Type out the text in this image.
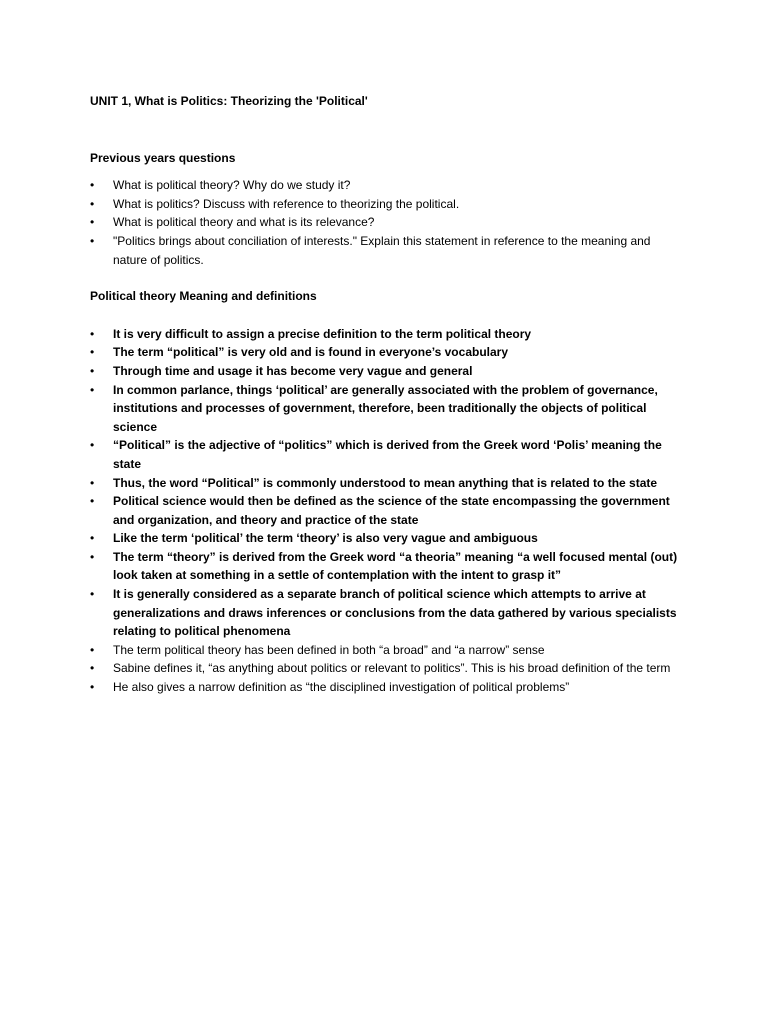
UNIT 1, What is Politics: Theorizing the 'Political'

Previous years questions

• What is political theory? Why do we study it?
• What is politics? Discuss with reference to theorizing the political.
• What is political theory and what is its relevance?
• "Politics brings about conciliation of interests." Explain this statement in reference to the meaning and nature of politics.

Political theory Meaning and definitions

• It is very difficult to assign a precise definition to the term political theory
• The term “political” is very old and is found in everyone’s vocabulary
• Through time and usage it has become very vague and general
• In common parlance, things ‘political’ are generally associated with the problem of governance, institutions and processes of government, therefore, been traditionally the objects of political science
• “Political” is the adjective of “politics” which is derived from the Greek word ‘Polis’ meaning the state
• Thus, the word “Political” is commonly understood to mean anything that is related to the state
• Political science would then be defined as the science of the state encompassing the government and organization, and theory and practice of the state
• Like the term ‘political’ the term ‘theory’ is also very vague and ambiguous
• The term “theory” is derived from the Greek word “a theoria” meaning “a well focused mental (out) look taken at something in a settle of contemplation with the intent to grasp it”
• It is generally considered as a separate branch of political science which attempts to arrive at generalizations and draws inferences or conclusions from the data gathered by various specialists relating to political phenomena
• The term political theory has been defined in both “a broad” and “a narrow” sense
• Sabine defines it, “as anything about politics or relevant to politics”. This is his broad definition of the term
• He also gives a narrow definition as “the disciplined investigation of political problems”
